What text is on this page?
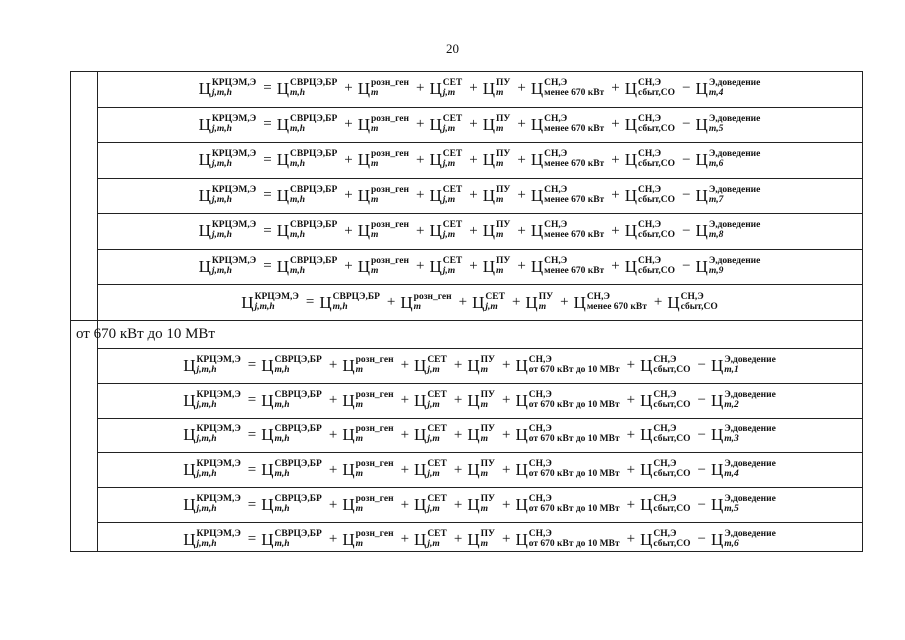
20
Ц КРЦЭМ,Э
j,m,h	= Ц СВРЦЭ,БР
m,h	+ Ц розн_ген
m	+ Ц СЕТ
j,m + Ц ПУ
m + Ц СН,Э
менее 670 кВт + Ц СН,Э
сбыт,СО − Ц Э,доведение
m,4
Ц КРЦЭМ,Э
j,m,h	= Ц СВРЦЭ,БР
m,h	+ Ц розн_ген
m	+ Ц СЕТ
j,m + Ц ПУ
m + Ц СН,Э
менее 670 кВт + Ц СН,Э
сбыт,СО − Ц Э,доведение
m,5
Ц КРЦЭМ,Э
j,m,h	= Ц СВРЦЭ,БР
m,h	+ Ц розн_ген
m	+ Ц СЕТ
j,m + Ц ПУ
m + Ц СН,Э
менее 670 кВт + Ц СН,Э
сбыт,СО − Ц Э,доведение
m,6
Ц КРЦЭМ,Э
j,m,h	= Ц СВРЦЭ,БР
m,h	+ Ц розн_ген
m	+ Ц СЕТ
j,m + Ц ПУ
m + Ц СН,Э
менее 670 кВт + Ц СН,Э
сбыт,СО − Ц Э,доведение
m,7
Ц КРЦЭМ,Э
j,m,h	= Ц СВРЦЭ,БР
m,h	+ Ц розн_ген
m	+ Ц СЕТ
j,m + Ц ПУ
m + Ц СН,Э
менее 670 кВт + Ц СН,Э
сбыт,СО − Ц Э,доведение
m,8
Ц КРЦЭМ,Э
j,m,h	= Ц СВРЦЭ,БР
m,h	+ Ц розн_ген
m	+ Ц СЕТ
j,m + Ц ПУ
m + Ц СН,Э
менее 670 кВт + Ц СН,Э
сбыт,СО − Ц Э,доведение
m,9
Ц КРЦЭМ,Э
j,m,h	= Ц СВРЦЭ,БР
m,h	+ Ц розн_ген
m	+ Ц СЕТ
j,m + Ц ПУ
m + Ц СН,Э
менее 670 кВт + Ц СН,Э
сбыт,СО
от 670 кВт до 10 МВт
Ц КРЦЭМ,Э
j,m,h	= Ц СВРЦЭ,БР
m,h	+ Ц розн_ген
m	+ Ц СЕТ
j,m + Ц ПУ
m + Ц СН,Э
от 670 кВт до 10 МВт + Ц СН,Э
сбыт,СО − Ц Э,доведение
m,1
Ц КРЦЭМ,Э
j,m,h	= Ц СВРЦЭ,БР
m,h	+ Ц розн_ген
m	+ Ц СЕТ
j,m + Ц ПУ
m + Ц СН,Э
от 670 кВт до 10 МВт + Ц СН,Э
сбыт,СО − Ц Э,доведение
m,2
Ц КРЦЭМ,Э
j,m,h	= Ц СВРЦЭ,БР
m,h	+ Ц розн_ген
m	+ Ц СЕТ
j,m + Ц ПУ
m + Ц СН,Э
от 670 кВт до 10 МВт + Ц СН,Э
сбыт,СО − Ц Э,доведение
m,3
Ц КРЦЭМ,Э
j,m,h	= Ц СВРЦЭ,БР
m,h	+ Ц розн_ген
m	+ Ц СЕТ
j,m + Ц ПУ
m + Ц СН,Э
от 670 кВт до 10 МВт + Ц СН,Э
сбыт,СО − Ц Э,доведение
m,4
Ц КРЦЭМ,Э
j,m,h	= Ц СВРЦЭ,БР
m,h	+ Ц розн_ген
m	+ Ц СЕТ
j,m + Ц ПУ
m + Ц СН,Э
от 670 кВт до 10 МВт + Ц СН,Э
сбыт,СО − Ц Э,доведение
m,5
Ц КРЦЭМ,Э
j,m,h	= Ц СВРЦЭ,БР
m,h	+ Ц розн_ген
m	+ Ц СЕТ
j,m + Ц ПУ
m + Ц СН,Э
от 670 кВт до 10 МВт + Ц СН,Э
сбыт,СО − Ц Э,доведение
m,6
